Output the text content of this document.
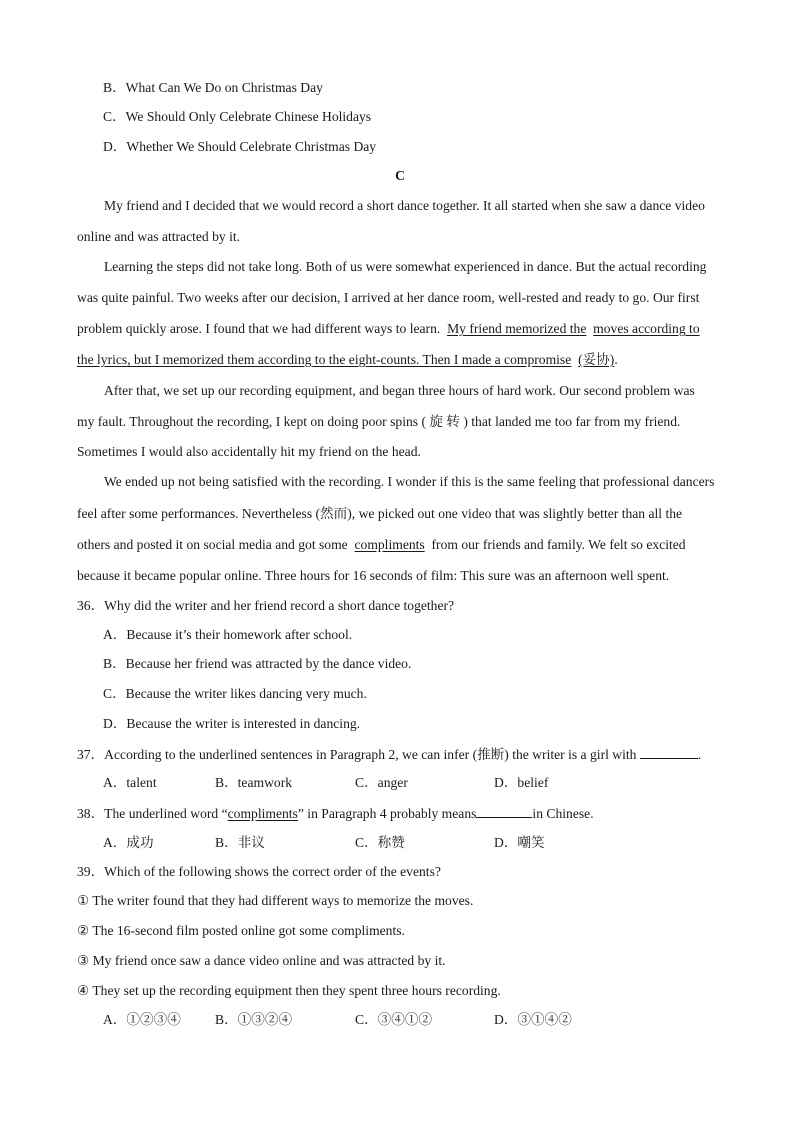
B．What Can We Do on Christmas Day
C．We Should Only Celebrate Chinese Holidays
D．Whether We Should Celebrate Christmas Day
C
My friend and I decided that we would record a short dance together. It all started when she saw a dance video
online and was attracted by it.
Learning the steps did not take long. Both of us were somewhat experienced in dance. But the actual recording
was quite painful. Two weeks after our decision, I arrived at her dance room, well-rested and ready to go. Our first
problem quickly arose. I found that we had different ways to learn. My friend memorized the moves according to
the lyrics, but I memorized them according to the eight-counts. Then I made a compromise (妥协).
After that, we set up our recording equipment, and began three hours of hard work. Our second problem was
my fault. Throughout the recording, I kept on doing poor spins ( 旋 转 ) that landed me too far from my friend.
Sometimes I would also accidentally hit my friend on the head.
We ended up not being satisfied with the recording. I wonder if this is the same feeling that professional dancers
feel after some performances. Nevertheless (然而), we picked out one video that was slightly better than all the
others and posted it on social media and got some compliments from our friends and family. We felt so excited
because it became popular online. Three hours for 16 seconds of film: This sure was an afternoon well spent.
36．Why did the writer and her friend record a short dance together?
A．Because it’s their homework after school.
B．Because her friend was attracted by the dance video.
C．Because the writer likes dancing very much.
D．Because the writer is interested in dancing.
37．According to the underlined sentences in Paragraph 2, we can infer (推断) the writer is a girl with	.
A．talent	B．teamwork	C．anger	D．belief
38．The underlined word “compliments” in Paragraph 4 probably means	in Chinese.
A．成功	B．非议	C．称赞	D．嘲笑
39．Which of the following shows the correct order of the events?
① The writer found that they had different ways to memorize the moves.
② The 16-second film posted online got some compliments.
③ My friend once saw a dance video online and was attracted by it.
④ They set up the recording equipment then they spent three hours recording.
A．①②③④	B．①③②④	C．③④①②	D．③①④②
